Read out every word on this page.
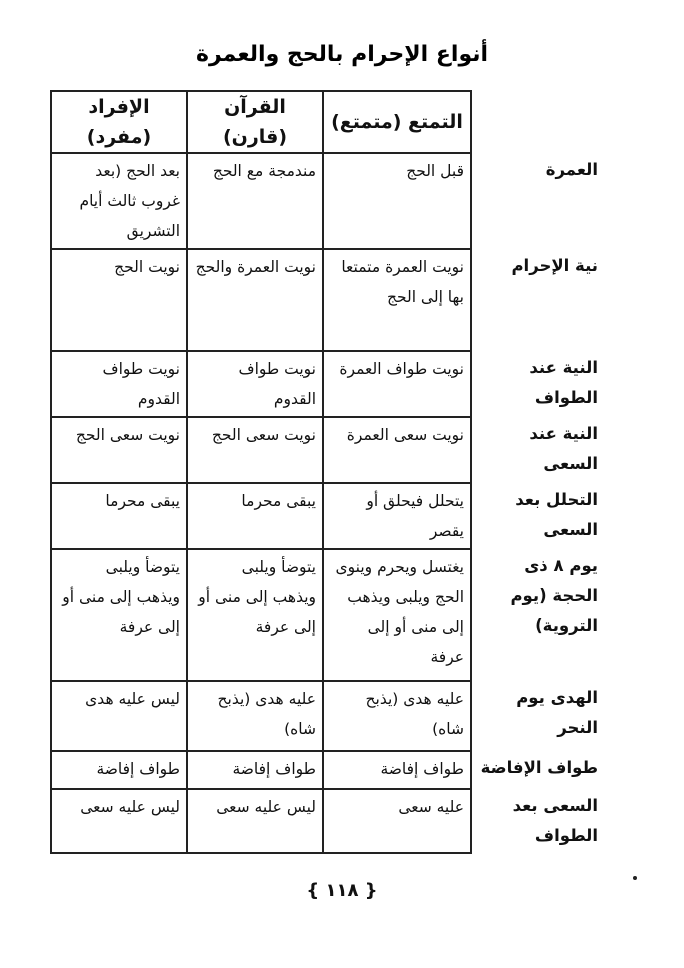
أنواع الإحرام بالحج والعمرة
	التمتع (متمتع)	القرآن (قارن)	الإفراد (مفرد)
العمرة	قبل الحج	مندمجة مع الحج	بعد الحج (بعد غروب ثالث أيام التشريق
نية الإحرام	نويت العمرة متمتعا بها إلى الحج	نويت العمرة والحج	نويت الحج
النية عند الطواف	نويت طواف العمرة	نويت طواف القدوم	نويت طواف القدوم
النية عند السعى	نويت سعى العمرة	نويت سعى الحج	نويت سعى الحج
التحلل بعد السعى	يتحلل فيحلق أو يقصر	يبقى محرما	يبقى محرما
يوم ٨ ذى الحجة (يوم التروية)	يغتسل ويحرم وينوى الحج ويلبى ويذهب إلى منى أو إلى عرفة	يتوضأ ويلبى ويذهب إلى منى أو إلى عرفة	يتوضأ ويلبى ويذهب إلى منى أو إلى عرفة
الهدى يوم النحر	عليه هدى (يذبح شاه)	عليه هدى (يذبح شاه)	ليس عليه هدى
طواف الإفاضة	طواف إفاضة	طواف إفاضة	طواف إفاضة
السعى بعد الطواف	عليه سعى	ليس عليه سعى	ليس عليه سعى
{ ١١٨ }
